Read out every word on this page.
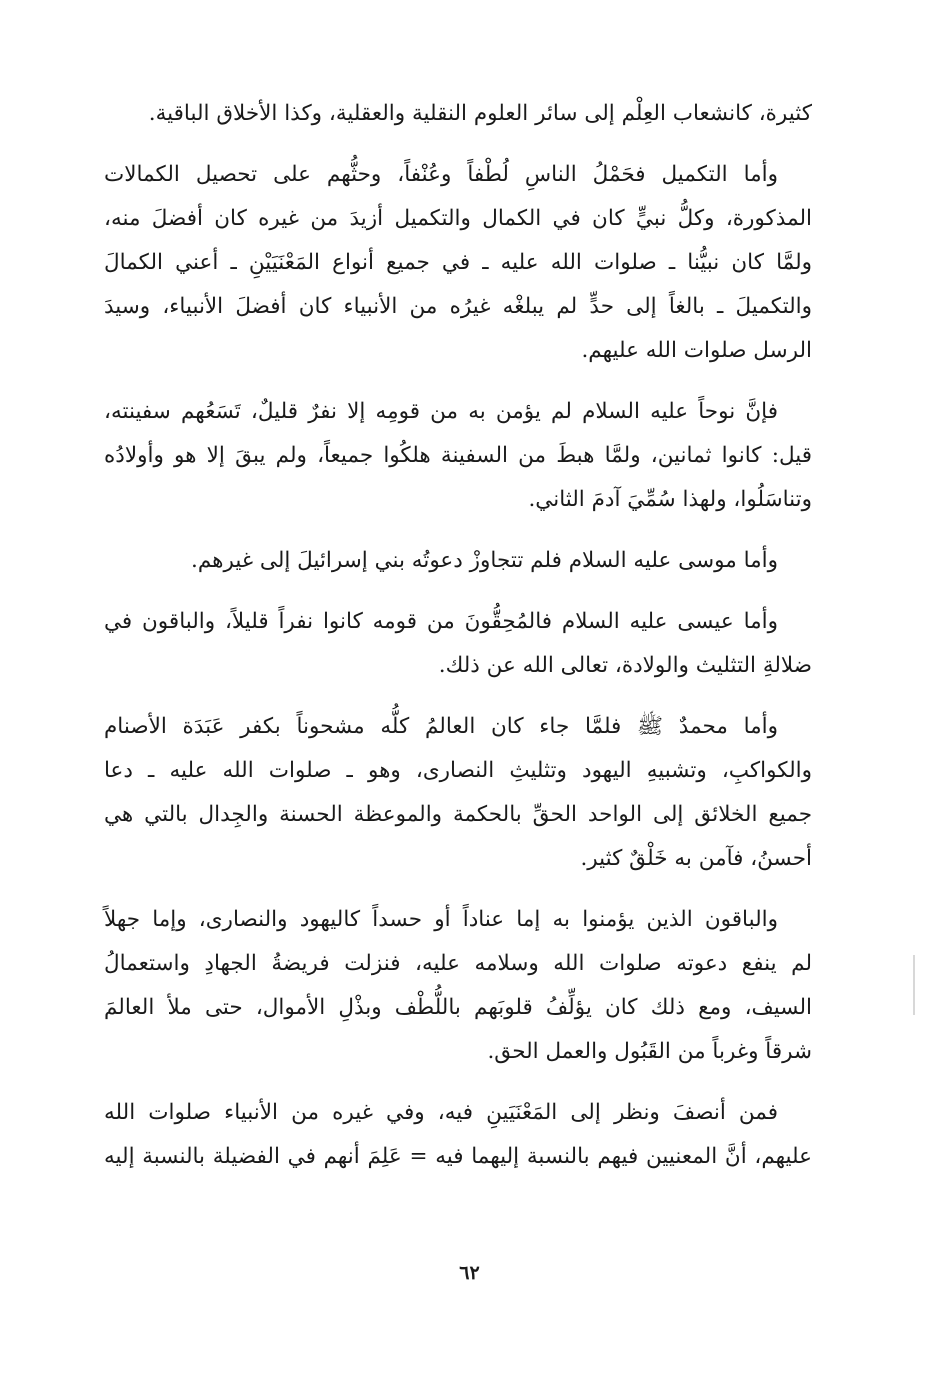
كثيرة، كانشعاب العِلْم إلى سائر العلوم النقلية والعقلية، وكذا الأخلاق الباقية.
وأما التكميل فحَمْلُ الناسِ لُطْفاً وعُنْفاً، وحثُّهم على تحصيل الكمالات
المذكورة، وكلُّ نبيٍّ كان في الكمال والتكميل أزيدَ من غيره كان أفضلَ منه،
ولمَّا كان نبيُّنا ـ صلوات الله عليه ـ في جميع أنواع المَعْنَيَيْنِ ـ أعني الكمالَ
والتكميلَ ـ بالغاً إلى حدٍّ لم يبلغْه غيرُه من الأنبياء كان أفضلَ الأنبياء، وسيدَ
الرسل صلوات الله عليهم.
فإنَّ نوحاً عليه السلام لم يؤمن به من قومِه إلا نفرٌ قليلٌ، تَسَعُهم سفينته،
قيل: كانوا ثمانين، ولمَّا هبطَ من السفينة هلكُوا جميعاً، ولم يبقَ إلا هو وأولادُه
وتناسَلُوا، ولهذا سُمِّيَ آدمَ الثاني.
وأما موسى عليه السلام فلم تتجاوزْ دعوتُه بني إسرائيلَ إلى غيرهم.
وأما عيسى عليه السلام فالمُحِقُّونَ من قومه كانوا نفراً قليلاً، والباقون في
ضلالةِ التثليث والولادة، تعالى الله عن ذلك.
وأما محمدٌ ﷺ فلمَّا جاء كان العالمُ كلُّه مشحوناً بكفر عَبَدَة الأصنام
والكواكبِ، وتشبيهِ اليهود وتثليثِ النصارى، وهو ـ صلوات الله عليه ـ دعا
جميع الخلائق إلى الواحد الحقِّ بالحكمة والموعظة الحسنة والجِدال بالتي هي
أحسنُ، فآمن به خَلْقٌ كثير.
والباقون الذين يؤمنوا به إما عناداً أو حسداً كاليهود والنصارى، وإما جهلاً
لم ينفع دعوته صلوات الله وسلامه عليه، فنزلت فريضةُ الجهادِ واستعمالُ
السيف، ومع ذلك كان يؤلِّفُ قلوبَهم باللُّطْف وبذْلِ الأموال، حتى ملأ العالمَ
شرقاً وغرباً من القَبُول والعمل الحق.
فمن أنصفَ ونظر إلى المَعْنَيَينِ فيه، وفي غيره من الأنبياء صلوات الله
عليهم، أنَّ المعنيين فيهم بالنسبة إليهما فيه = عَلِمَ أنهم في الفضيلة بالنسبة إليه
٦٢
